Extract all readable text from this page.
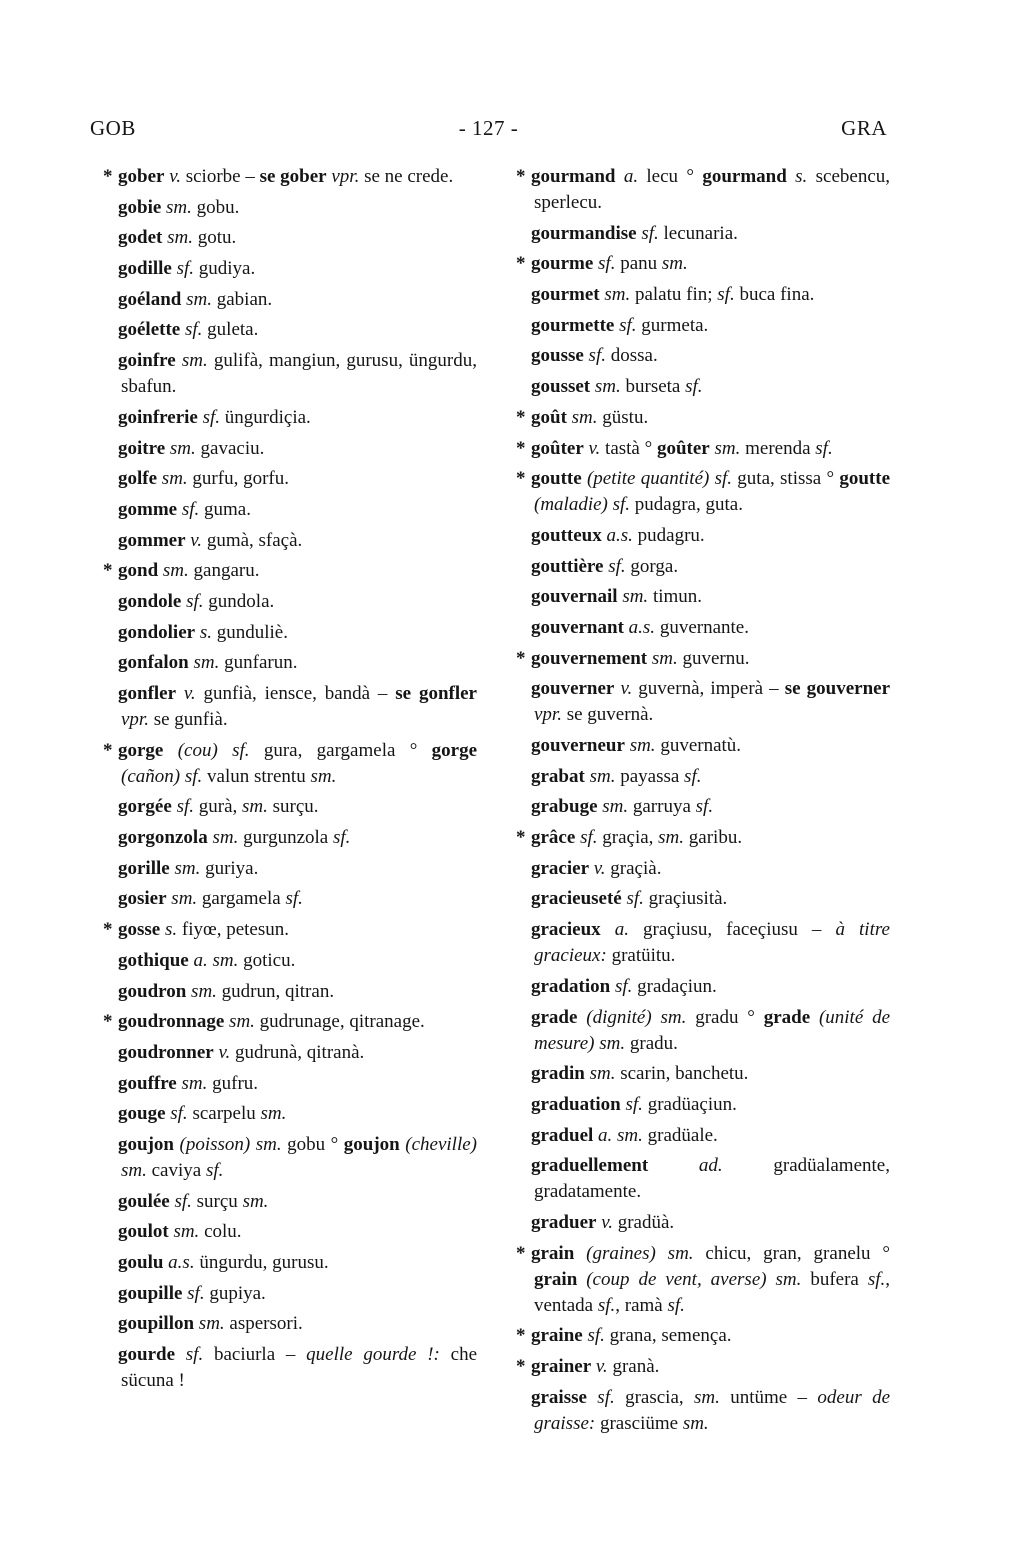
GOB	- 127 -	GRA
* gober v. sciorbe – se gober vpr. se ne crede.
gobie sm. gobu.
godet sm. gotu.
godille sf. gudiya.
goéland sm. gabian.
goélette sf. guleta.
goinfre sm. gulifà, mangiun, gurusu, üngurdu, sbafun.
goinfrerie sf. üngurdiçia.
goitre sm. gavaciu.
golfe sm. gurfu, gorfu.
gomme sf. guma.
gommer v. gumà, sfaçà.
* gond sm. gangaru.
gondole sf. gundola.
gondolier s. gunduliè.
gonfalon sm. gunfarun.
gonfler v. gunfià, iensce, bandà – se gonfler vpr. se gunfià.
* gorge (cou) sf. gura, gargamela ° gorge (cañon) sf. valun strentu sm.
gorgée sf. gurà, sm. surçu.
gorgonzola sm. gurgunzola sf.
gorille sm. guriya.
gosier sm. gargamela sf.
* gosse s. fiyœ, petesun.
gothique a. sm. goticu.
goudron sm. gudrun, qitran.
* goudronnage sm. gudrunage, qitranage.
goudronner v. gudrunà, qitranà.
gouffre sm. gufru.
gouge sf. scarpelu sm.
goujon (poisson) sm. gobu ° goujon (cheville) sm. caviya sf.
goulée sf. surçu sm.
goulot sm. colu.
goulu a.s. üngurdu, gurusu.
goupille sf. gupiya.
goupillon sm. aspersori.
gourde sf. baciurla – quelle gourde !: che sücuna !
* gourmand a. lecu ° gourmand s. scebencu, sperlecu.
gourmandise sf. lecunaria.
* gourme sf. panu sm.
gourmet sm. palatu fin; sf. buca fina.
gourmette sf. gurmeta.
gousse sf. dossa.
gousset sm. burseta sf.
* goût sm. güstu.
* goûter v. tastà ° goûter sm. merenda sf.
* goutte (petite quantité) sf. guta, stissa ° goutte (maladie) sf. pudagra, guta.
goutteux a.s. pudagru.
gouttière sf. gorga.
gouvernail sm. timun.
gouvernant a.s. guvernante.
* gouvernement sm. guvernu.
gouverner v. guvernà, imperà – se gouverner vpr. se guvernà.
gouverneur sm. guvernatù.
grabat sm. payassa sf.
grabuge sm. garruya sf.
* grâce sf. graçia, sm. garibu.
gracier v. graçià.
gracieuseté sf. graçiusità.
gracieux a. graçiusu, faceçiusu – à titre gracieux: gratüitu.
gradation sf. gradaçiun.
grade (dignité) sm. gradu ° grade (unité de mesure) sm. gradu.
gradin sm. scarin, banchetu.
graduation sf. gradüaçiun.
graduel a. sm. gradüale.
graduellement	ad. gradüalamente, gradatamente.
graduer v. gradüà.
* grain (graines) sm. chicu, gran, granelu ° grain (coup de vent, averse) sm. bufera sf., ventada sf., ramà sf.
* graine sf. grana, semença.
* grainer v. granà.
graisse sf. grascia, sm. untüme – odeur de graisse: grasciüme sm.
